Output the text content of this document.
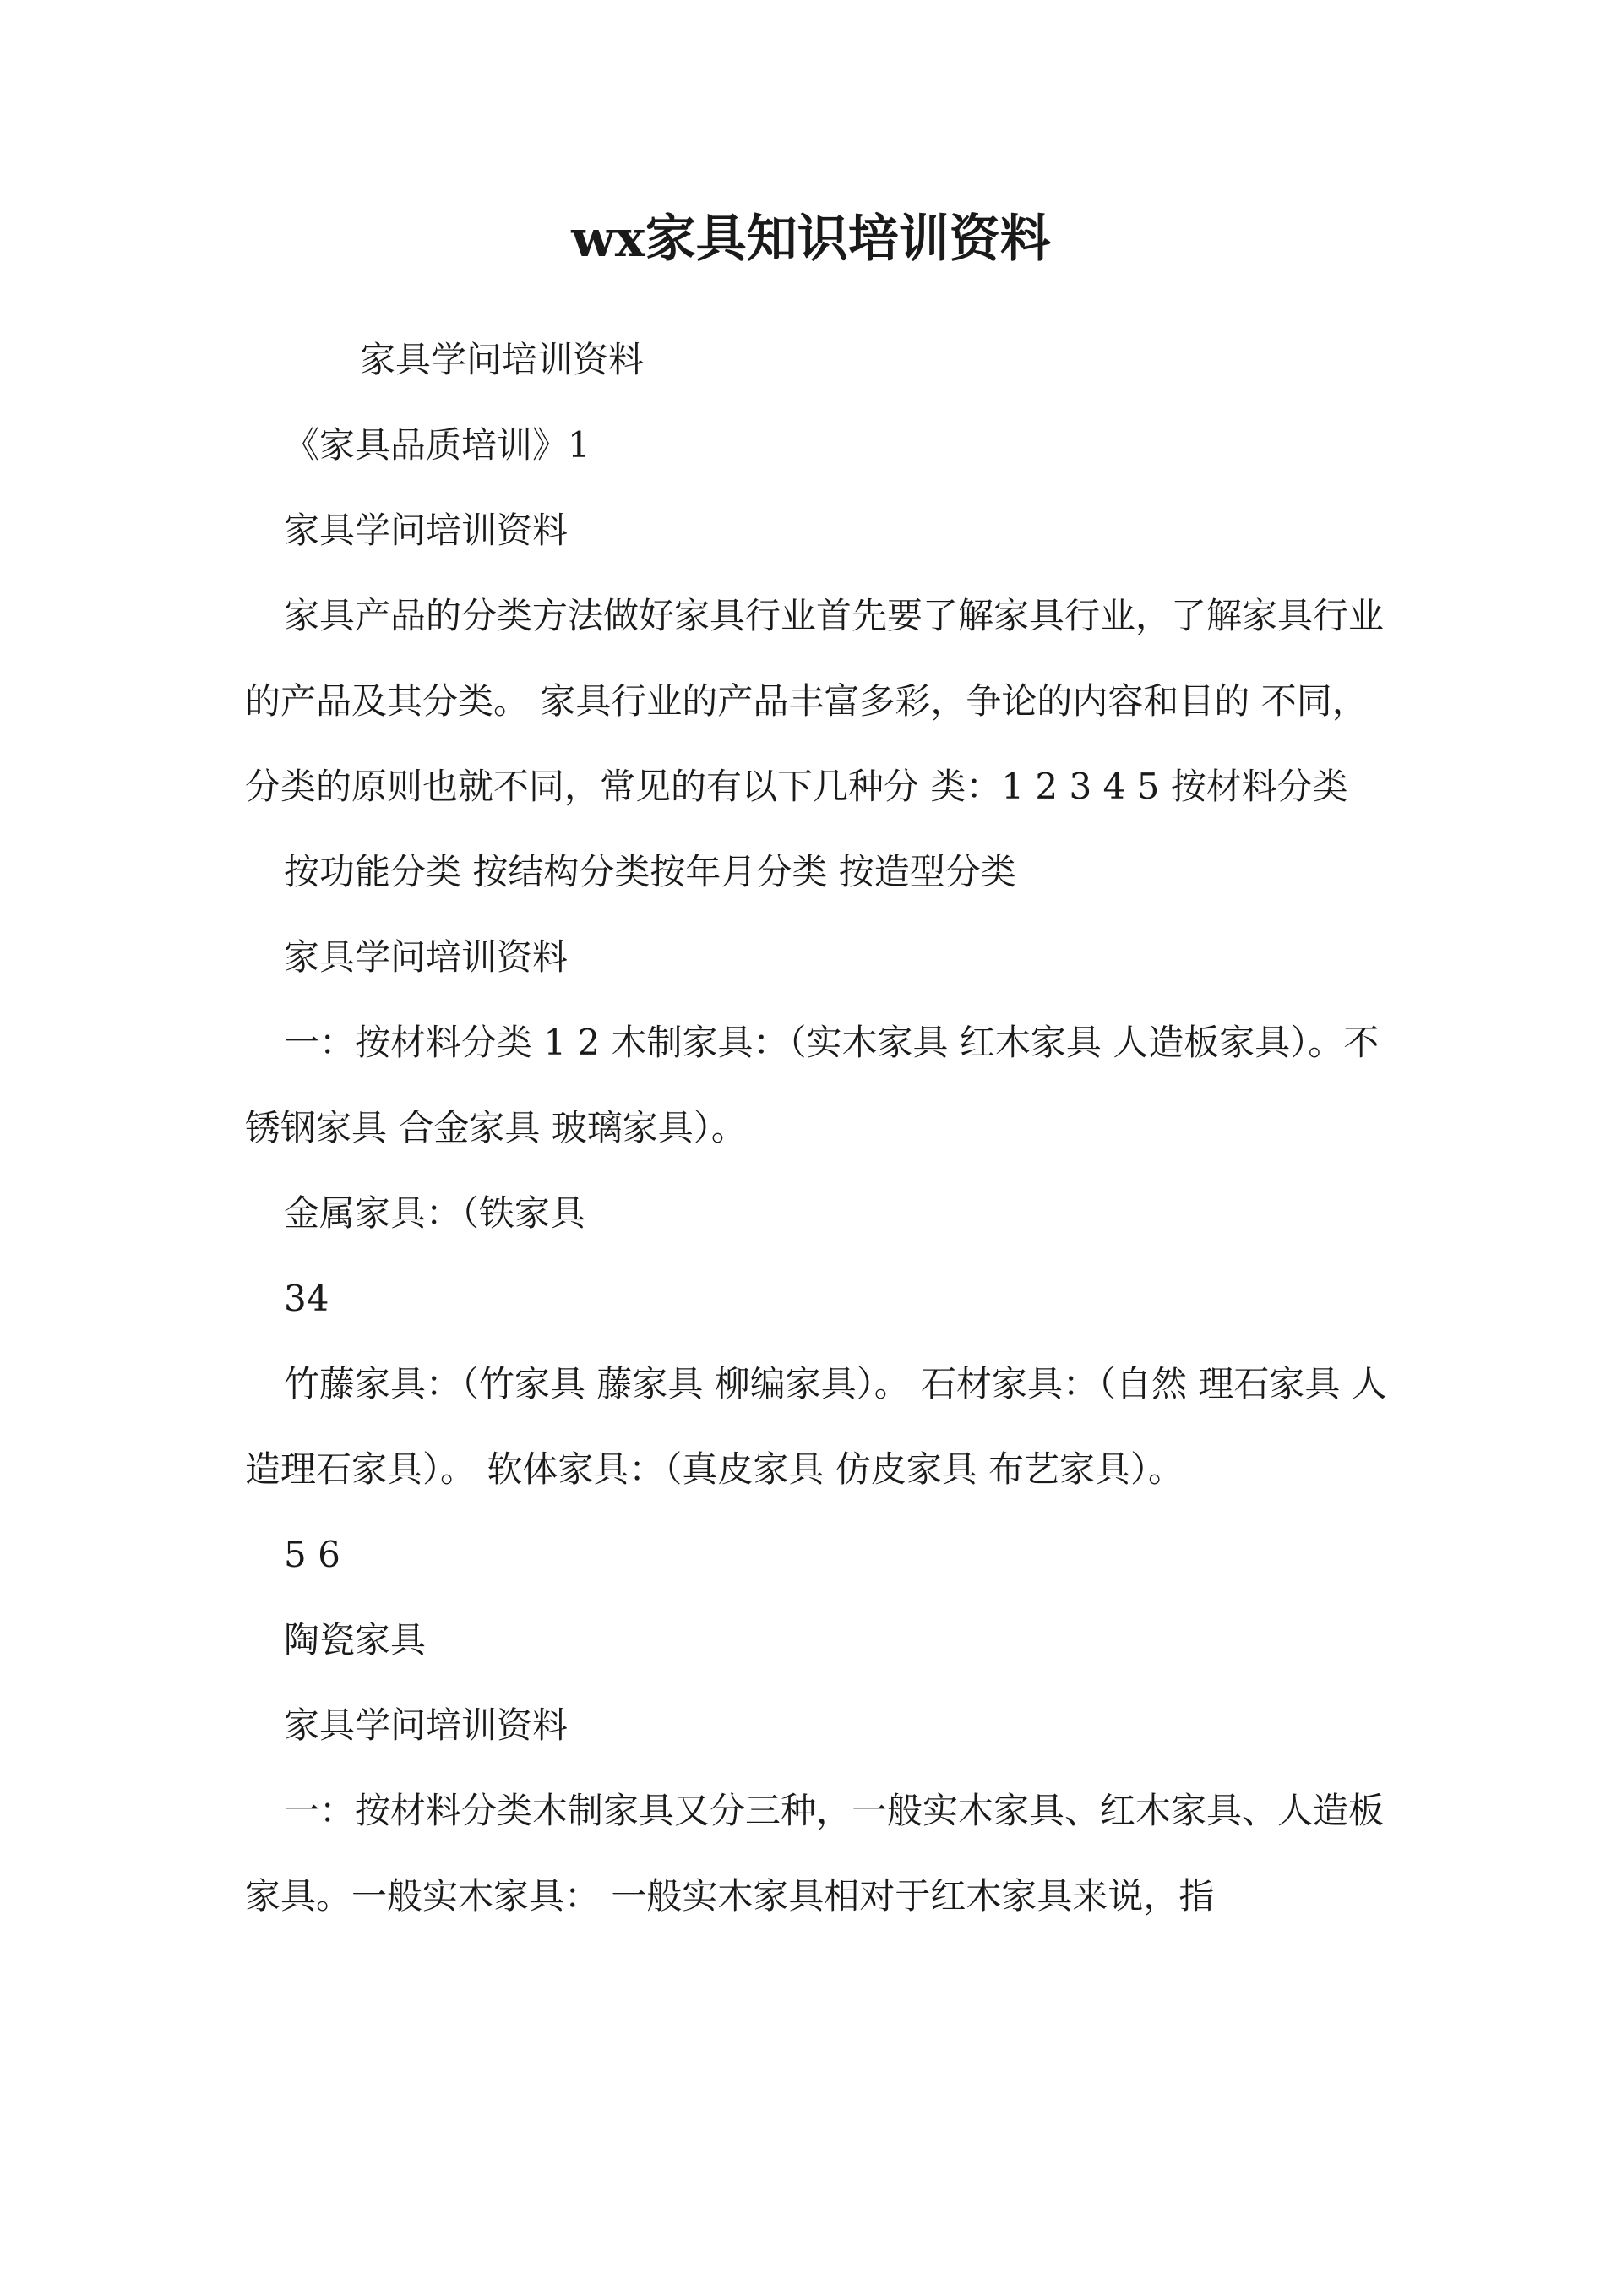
wx家具知识培训资料

家具学问培训资料

《家具品质培训》1

家具学问培训资料

家具产品的分类方法做好家具行业首先要了解家具行业，了解家具行业 的产品及其分类。 家具行业的产品丰富多彩，争论的内容和目的 不同，分类的原则也就不同，常见的有以下几种分 类：1 2 3 4 5 按材料分类

按功能分类 按结构分类按年月分类 按造型分类

家具学问培训资料

一：按材料分类 1 2 木制家具：（实木家具 红木家具 人造板家具）。不锈钢家具 合金家具 玻璃家具）。

金属家具：（铁家具

34

竹藤家具：（竹家具 藤家具 柳编家具）。 石材家具：（自然 理石家具 人造理石家具）。 软体家具：（真皮家具 仿皮家具 布艺家具）。

5 6

陶瓷家具

家具学问培训资料

一：按材料分类木制家具又分三种，一般实木家具、红木家具、人造板家具。一般实木家具： 一般实木家具相对于红木家具来说，指
